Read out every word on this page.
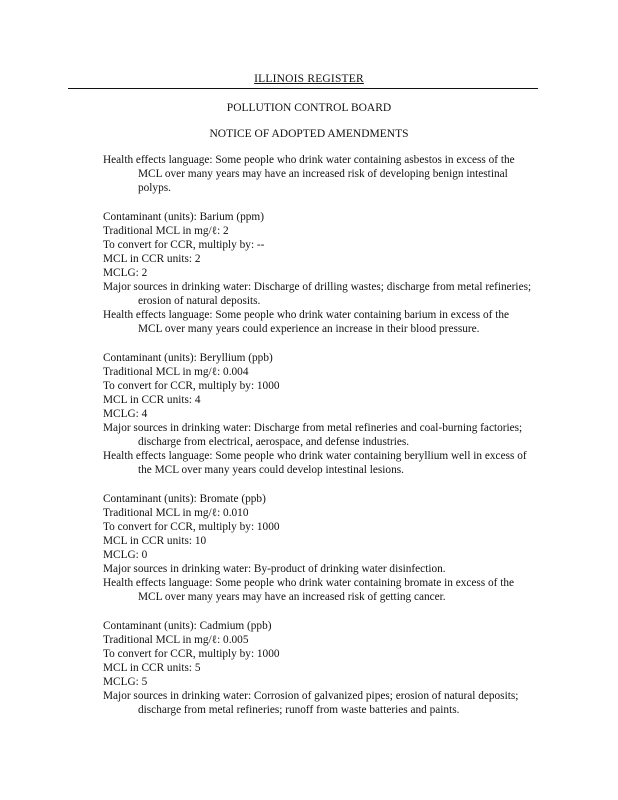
ILLINOIS REGISTER
POLLUTION CONTROL BOARD
NOTICE OF ADOPTED AMENDMENTS
Health effects language: Some people who drink water containing asbestos in excess of the MCL over many years may have an increased risk of developing benign intestinal polyps.
Contaminant (units): Barium (ppm)
Traditional MCL in mg/ℓ: 2
To convert for CCR, multiply by: --
MCL in CCR units: 2
MCLG: 2
Major sources in drinking water: Discharge of drilling wastes; discharge from metal refineries; erosion of natural deposits.
Health effects language: Some people who drink water containing barium in excess of the MCL over many years could experience an increase in their blood pressure.
Contaminant (units): Beryllium (ppb)
Traditional MCL in mg/ℓ: 0.004
To convert for CCR, multiply by: 1000
MCL in CCR units: 4
MCLG: 4
Major sources in drinking water: Discharge from metal refineries and coal-burning factories; discharge from electrical, aerospace, and defense industries.
Health effects language: Some people who drink water containing beryllium well in excess of the MCL over many years could develop intestinal lesions.
Contaminant (units): Bromate (ppb)
Traditional MCL in mg/ℓ: 0.010
To convert for CCR, multiply by: 1000
MCL in CCR units: 10
MCLG: 0
Major sources in drinking water: By-product of drinking water disinfection.
Health effects language: Some people who drink water containing bromate in excess of the MCL over many years may have an increased risk of getting cancer.
Contaminant (units): Cadmium (ppb)
Traditional MCL in mg/ℓ: 0.005
To convert for CCR, multiply by: 1000
MCL in CCR units: 5
MCLG: 5
Major sources in drinking water: Corrosion of galvanized pipes; erosion of natural deposits; discharge from metal refineries; runoff from waste batteries and paints.
